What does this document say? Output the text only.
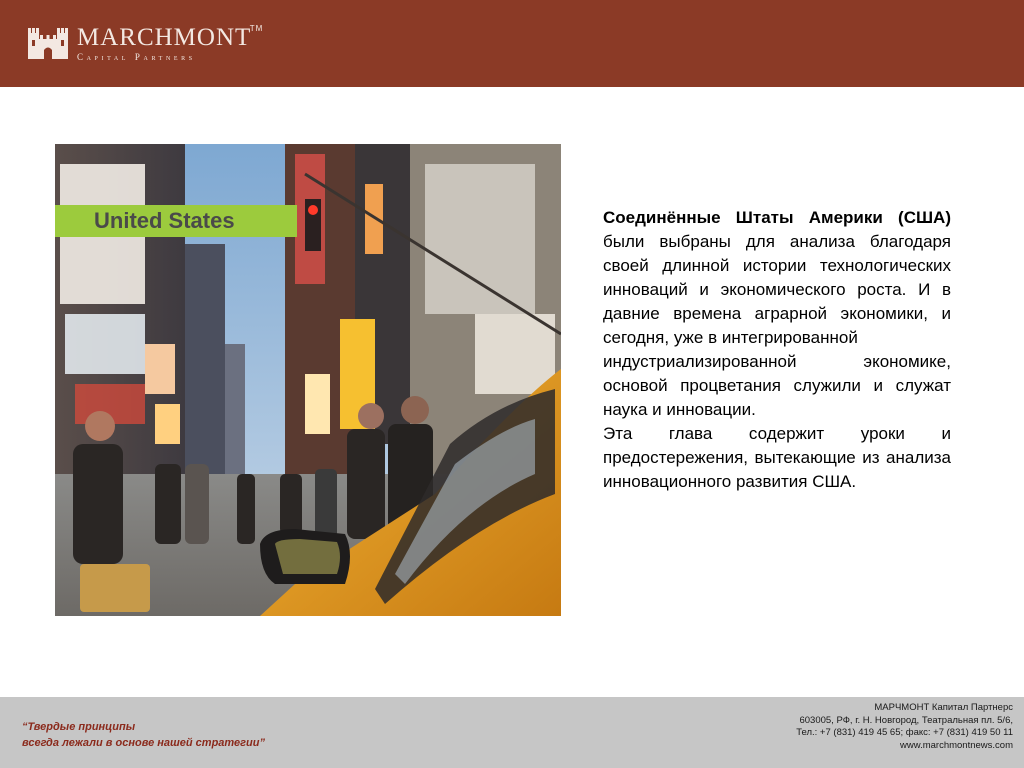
MARCHMONT
TM
Capital Partners
United States	Соединённые Штаты Америки (США) были выбраны для анализа благодаря своей длинной истории технологических инноваций и экономического роста. И в давние времена аграрной экономики, и сегодня, уже в интегрированной

индустриализированной экономике, основой процветания служили и служат наука и инновации.

Эта глава содержит уроки и предостережения, вытекающие из анализа инновационного развития США.

“Твердые принципы
всегда лежали в основе нашей стратегии”
МАРЧМОНТ Капитал Партнерс
603005, РФ, г. Н. Новгород, Театральная пл. 5/6,
Тел.: +7 (831) 419 45 65; факс: +7 (831) 419 50 11
www.marchmontnews.com
